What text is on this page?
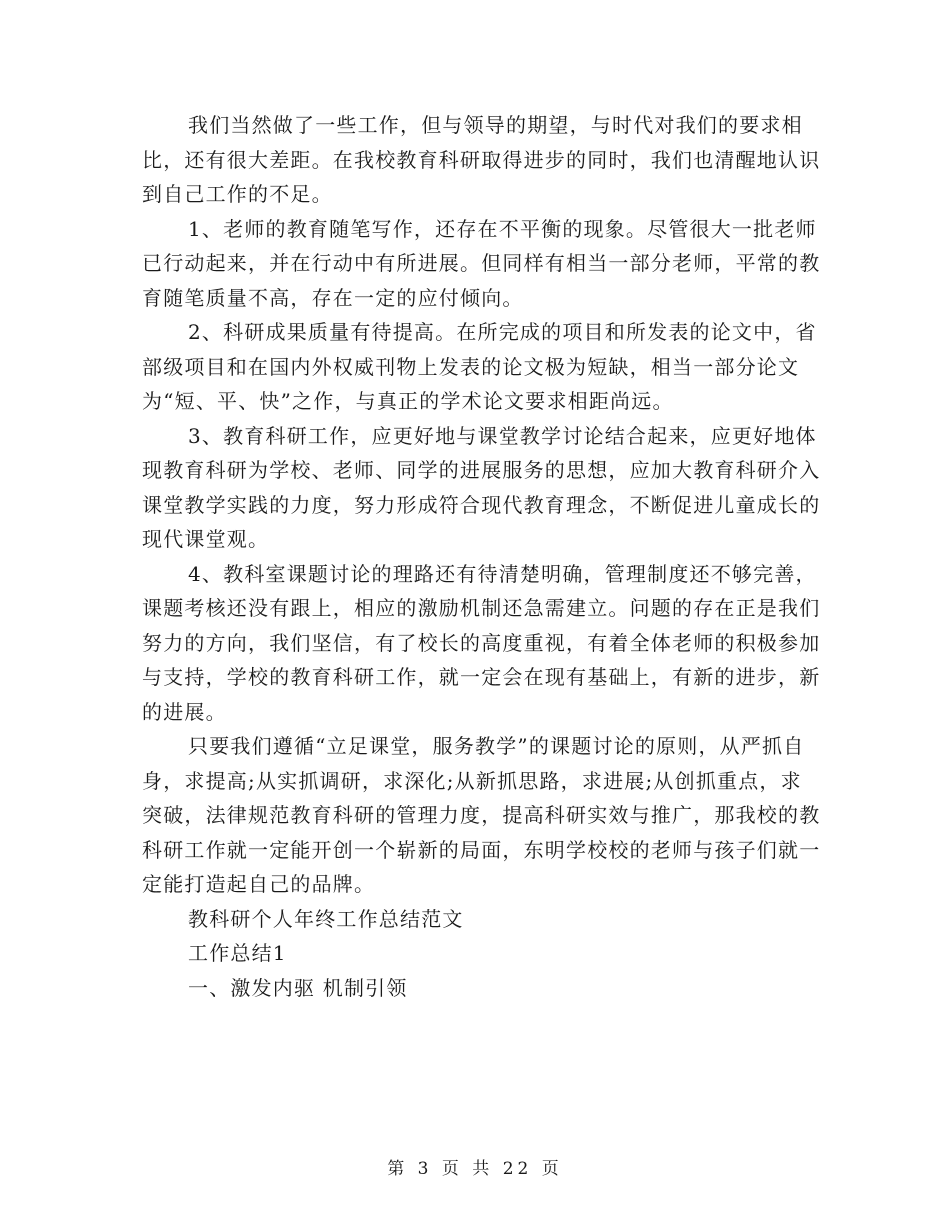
我们当然做了一些工作，但与领导的期望，与时代对我们的要求相比，还有很大差距。在我校教育科研取得进步的同时，我们也清醒地认识到自己工作的不足。

1、老师的教育随笔写作，还存在不平衡的现象。尽管很大一批老师已行动起来，并在行动中有所进展。但同样有相当一部分老师，平常的教育随笔质量不高，存在一定的应付倾向。

2、科研成果质量有待提高。在所完成的项目和所发表的论文中，省部级项目和在国内外权威刊物上发表的论文极为短缺，相当一部分论文为“短、平、快”之作，与真正的学术论文要求相距尚远。

3、教育科研工作，应更好地与课堂教学讨论结合起来，应更好地体现教育科研为学校、老师、同学的进展服务的思想，应加大教育科研介入课堂教学实践的力度，努力形成符合现代教育理念，不断促进儿童成长的现代课堂观。

4、教科室课题讨论的理路还有待清楚明确，管理制度还不够完善，课题考核还没有跟上，相应的激励机制还急需建立。问题的存在正是我们努力的方向，我们坚信，有了校长的高度重视，有着全体老师的积极参加与支持，学校的教育科研工作，就一定会在现有基础上，有新的进步，新的进展。

只要我们遵循“立足课堂，服务教学”的课题讨论的原则，从严抓自身，求提高;从实抓调研，求深化;从新抓思路，求进展;从创抓重点，求突破，法律规范教育科研的管理力度，提高科研实效与推广，那我校的教科研工作就一定能开创一个崭新的局面，东明学校校的老师与孩子们就一定能打造起自己的品牌。

教科研个人年终工作总结范文

工作总结1

一、激发内驱 机制引领

第 3 页 共 22 页
